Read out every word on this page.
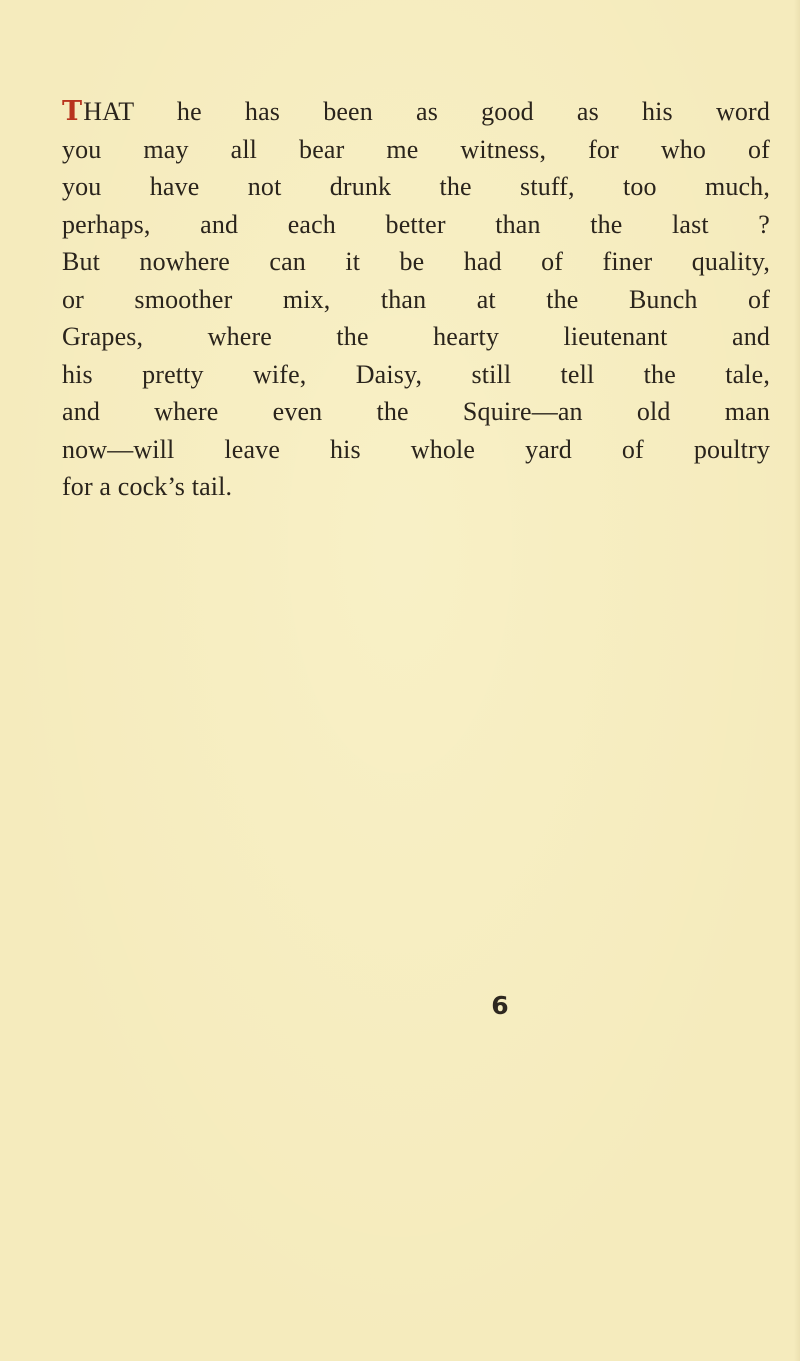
THAT he has been as good as his word
you may all bear me witness, for who of
you have not drunk the stuff, too much,
perhaps, and each better than the last ?
But nowhere can it be had of finer quality,
or smoother mix, than at the Bunch of
Grapes, where the hearty lieutenant and
his pretty wife, Daisy, still tell the tale,
and where even the Squire—an old man
now—will leave his whole yard of poultry
for a cock’s tail.
6
